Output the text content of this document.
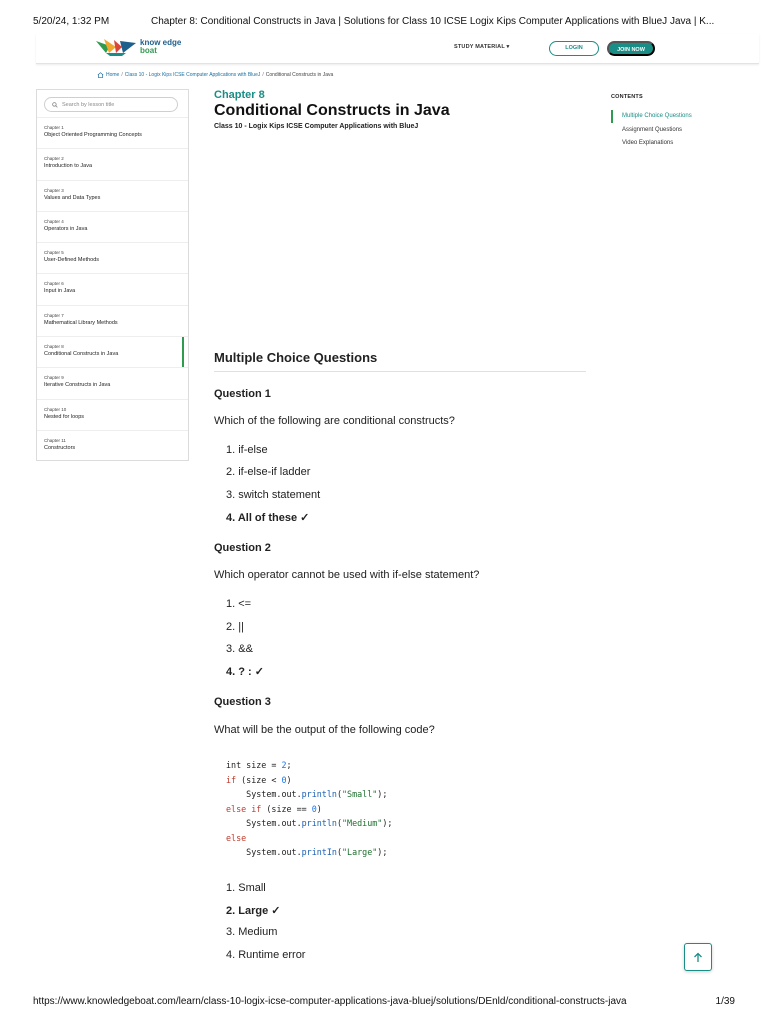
5/20/24, 1:32 PM	Chapter 8: Conditional Constructs in Java | Solutions for Class 10 ICSE Logix Kips Computer Applications with BlueJ Java | K...
know edge
boat	STUDY MATERIAL ▾	LOGIN	JOIN NOW
Home / Class 10 - Logix Kips ICSE Computer Applications with BlueJ / Conditional Constructs in Java
Search by lesson title
Chapter 1
Object Oriented Programming Concepts
Chapter 2
Introduction to Java
Chapter 3
Values and Data Types
Chapter 4
Operators in Java
Chapter 5
User-Defined Methods
Chapter 6
Input in Java
Chapter 7
Mathematical Library Methods
Chapter 8
Conditional Constructs in Java
Chapter 9
Iterative Constructs in Java
Chapter 10
Nested for loops
Chapter 11
Constructors
Chapter 8
Conditional Constructs in Java
Class 10 - Logix Kips ICSE Computer Applications with BlueJ
CONTENTS
Multiple Choice Questions
Assignment Questions
Video Explanations
Multiple Choice Questions
Question 1
Which of the following are conditional constructs?
1. if-else
2. if-else-if ladder
3. switch statement
4. All of these ✓
Question 2
Which operator cannot be used with if-else statement?
1. <=
2. ||
3. &&
4. ? : ✓
Question 3
What will be the output of the following code?
int size = 2;
if (size < 0)
System.out.println("Small");
else if (size == 0)
System.out.println("Medium");
else
System.out.printIn("Large");
1. Small
2. Large ✓
3. Medium
4. Runtime error
https://www.knowledgeboat.com/learn/class-10-logix-icse-computer-applications-java-bluej/solutions/DEnld/conditional-constructs-java	1/39
